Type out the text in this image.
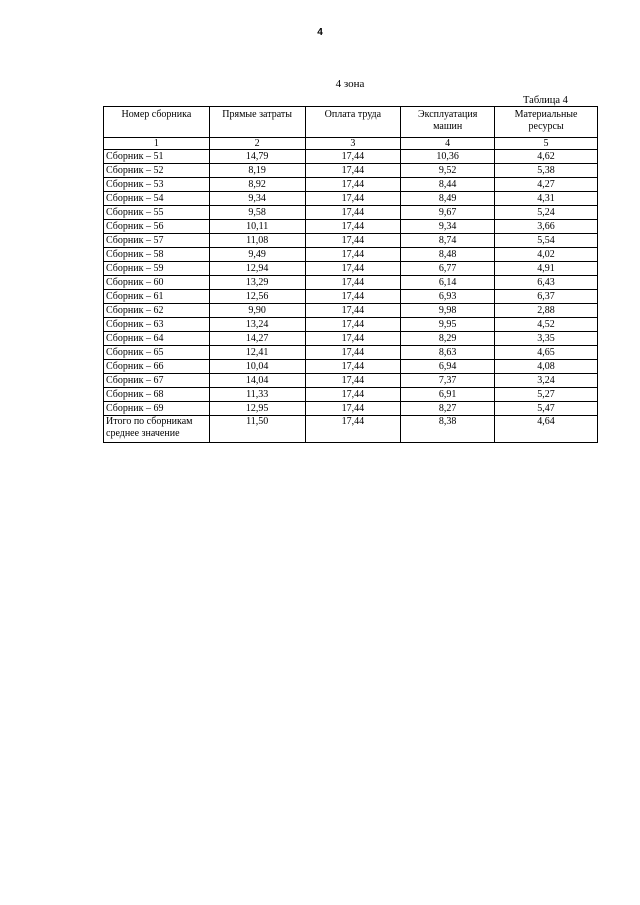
4
4 зона
Таблица 4
Номер сборника	Прямые затраты	Оплата труда	Эксплуатация машин	Материальные ресурсы
1	2	3	4	5
Сборник – 51	14,79	17,44	10,36	4,62
Сборник – 52	8,19	17,44	9,52	5,38
Сборник – 53	8,92	17,44	8,44	4,27
Сборник – 54	9,34	17,44	8,49	4,31
Сборник – 55	9,58	17,44	9,67	5,24
Сборник – 56	10,11	17,44	9,34	3,66
Сборник – 57	11,08	17,44	8,74	5,54
Сборник – 58	9,49	17,44	8,48	4,02
Сборник – 59	12,94	17,44	6,77	4,91
Сборник – 60	13,29	17,44	6,14	6,43
Сборник – 61	12,56	17,44	6,93	6,37
Сборник – 62	9,90	17,44	9,98	2,88
Сборник – 63	13,24	17,44	9,95	4,52
Сборник – 64	14,27	17,44	8,29	3,35
Сборник – 65	12,41	17,44	8,63	4,65
Сборник – 66	10,04	17,44	6,94	4,08
Сборник – 67	14,04	17,44	7,37	3,24
Сборник – 68	11,33	17,44	6,91	5,27
Сборник – 69	12,95	17,44	8,27	5,47
Итого по сборникам среднее значение	11,50	17,44	8,38	4,64
